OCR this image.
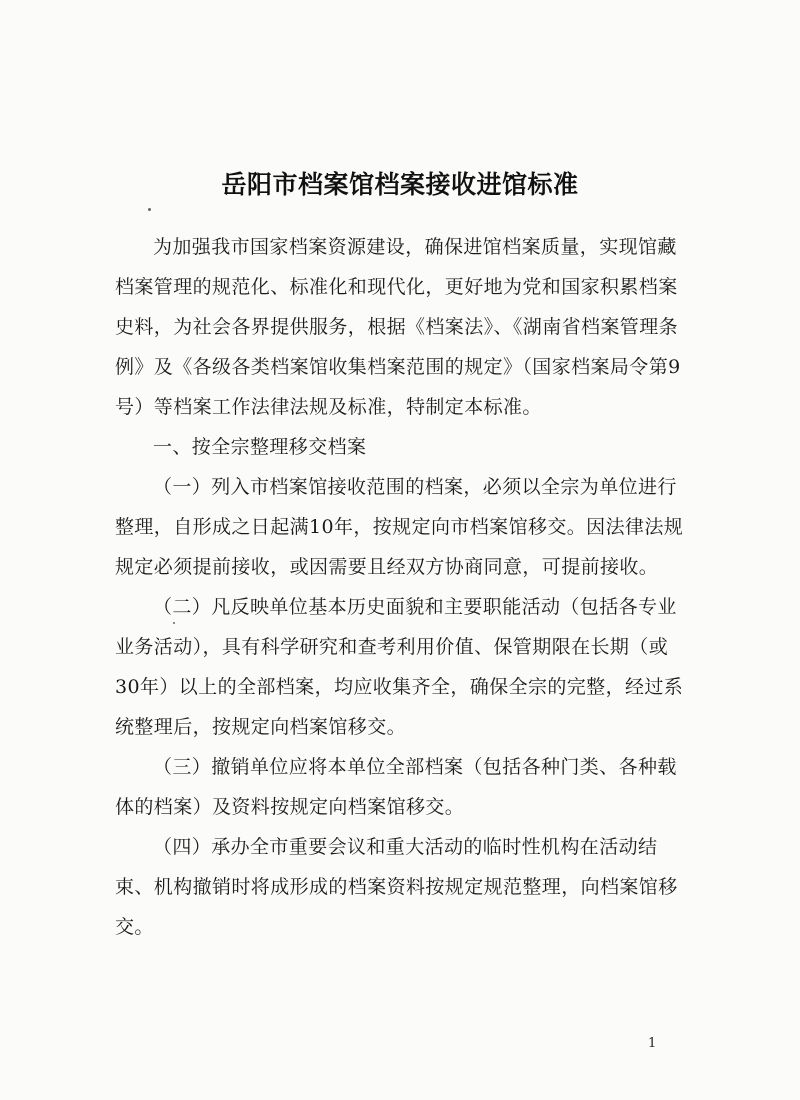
岳阳市档案馆档案接收进馆标准

为加强我市国家档案资源建设，确保进馆档案质量，实现馆藏档案管理的规范化、标准化和现代化，更好地为党和国家积累档案史料，为社会各界提供服务，根据《档案法》、《湖南省档案管理条例》及《各级各类档案馆收集档案范围的规定》（国家档案局令第9号）等档案工作法律法规及标准，特制定本标准。

一、按全宗整理移交档案

（一）列入市档案馆接收范围的档案，必须以全宗为单位进行整理，自形成之日起满10年，按规定向市档案馆移交。因法律法规规定必须提前接收，或因需要且经双方协商同意，可提前接收。

（二）凡反映单位基本历史面貌和主要职能活动（包括各专业业务活动），具有科学研究和查考利用价值、保管期限在长期（或30年）以上的全部档案，均应收集齐全，确保全宗的完整，经过系统整理后，按规定向档案馆移交。

（三）撤销单位应将本单位全部档案（包括各种门类、各种载体的档案）及资料按规定向档案馆移交。

（四）承办全市重要会议和重大活动的临时性机构在活动结束、机构撤销时将成形成的档案资料按规定规范整理，向档案馆移交。

1
